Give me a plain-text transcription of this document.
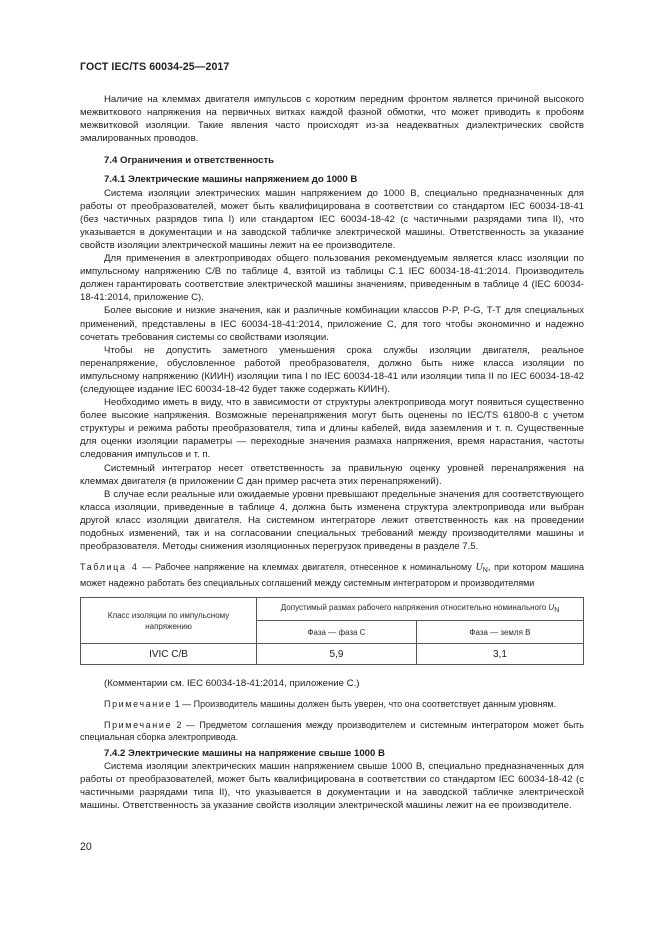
ГОСТ IEC/TS 60034-25—2017

Наличие на клеммах двигателя импульсов с коротким передним фронтом является причиной высокого межвиткового напряжения на первичных витках каждой фазной обмотки, что может приводить к пробоям межвитковой изоляции. Такие явления часто происходят из-за неадекватных диэлектрических свойств эмалированных проводов.

7.4 Ограничения и ответственность

7.4.1 Электрические машины напряжением до 1000 В

Система изоляции электрических машин напряжением до 1000 В, специально предназначенных для работы от преобразователей, может быть квалифицирована в соответствии со стандартом IEC 60034-18-41 (без частичных разрядов типа I) или стандартом IEC 60034-18-42 (с частичными разрядами типа II), что указывается в документации и на заводской табличке электрической машины. Ответственность за указание свойств изоляции электрической машины лежит на ее производителе.

Для применения в электроприводах общего пользования рекомендуемым является класс изоляции по импульсному напряжению C/B по таблице 4, взятой из таблицы C.1 IEC 60034-18-41:2014. Производитель должен гарантировать соответствие электрической машины значениям, приведенным в таблице 4 (IEC 60034-18-41:2014, приложение C).

Более высокие и низкие значения, как и различные комбинации классов P-P, P-G, T-T для специальных применений, представлены в IEC 60034-18-41:2014, приложение C, для того чтобы экономично и надежно сочетать требования системы со свойствами изоляции.

Чтобы не допустить заметного уменьшения срока службы изоляции двигателя, реальное перенапряжение, обусловленное работой преобразователя, должно быть ниже класса изоляции по импульсному напряжению (КИИН) изоляции типа I по IEC 60034-18-41 или изоляции типа II по IEC 60034-18-42 (следующее издание IEC 60034-18-42 будет также содержать КИИН).

Необходимо иметь в виду, что в зависимости от структуры электропривода могут появиться существенно более высокие напряжения. Возможные перенапряжения могут быть оценены по IEC/TS 61800-8 с учетом структуры и режима работы преобразователя, типа и длины кабелей, вида заземления и т. п. Существенные для оценки изоляции параметры — переходные значения размаха напряжения, время нарастания, частоты следования импульсов и т. п.

Системный интегратор несет ответственность за правильную оценку уровней перенапряжения на клеммах двигателя (в приложении C дан пример расчета этих перенапряжений).

В случае если реальные или ожидаемые уровни превышают предельные значения для соответствующего класса изоляции, приведенные в таблице 4, должна быть изменена структура электропривода или выбран другой класс изоляции двигателя. На системном интеграторе лежит ответственность как на проведении подобных изменений, так и на согласовании специальных требований между производителями машины и преобразователя. Методы снижения изоляционных перегрузок приведены в разделе 7.5.

Таблица 4 — Рабочее напряжение на клеммах двигателя, отнесенное к номинальному $U_N$, при котором машина может надежно работать без специальных соглашений между системным интегратором и производителями

Класс изоляции по импульсному напряжению	Допустимый размах рабочего напряжения относительно номинального $U_N$
	Фаза — фаза C	Фаза — земля B
IVIC C/B	5,9	3,1

(Комментарии см. IEC 60034-18-41:2014, приложение C.)

Примечание 1 — Производитель машины должен быть уверен, что она соответствует данным уровням.

Примечание 2 — Предметом соглашения между производителем и системным интегратором может быть специальная сборка электропривода.

7.4.2 Электрические машины на напряжение свыше 1000 В

Система изоляции электрических машин напряжением свыше 1000 В, специально предназначенных для работы от преобразователей, может быть квалифицирована в соответствии со стандартом IEC 60034-18-42 (с частичными разрядами типа II), что указывается в документации и на заводской табличке электрической машины. Ответственность за указание свойств изоляции электрической машины лежит на ее производителе.

20
